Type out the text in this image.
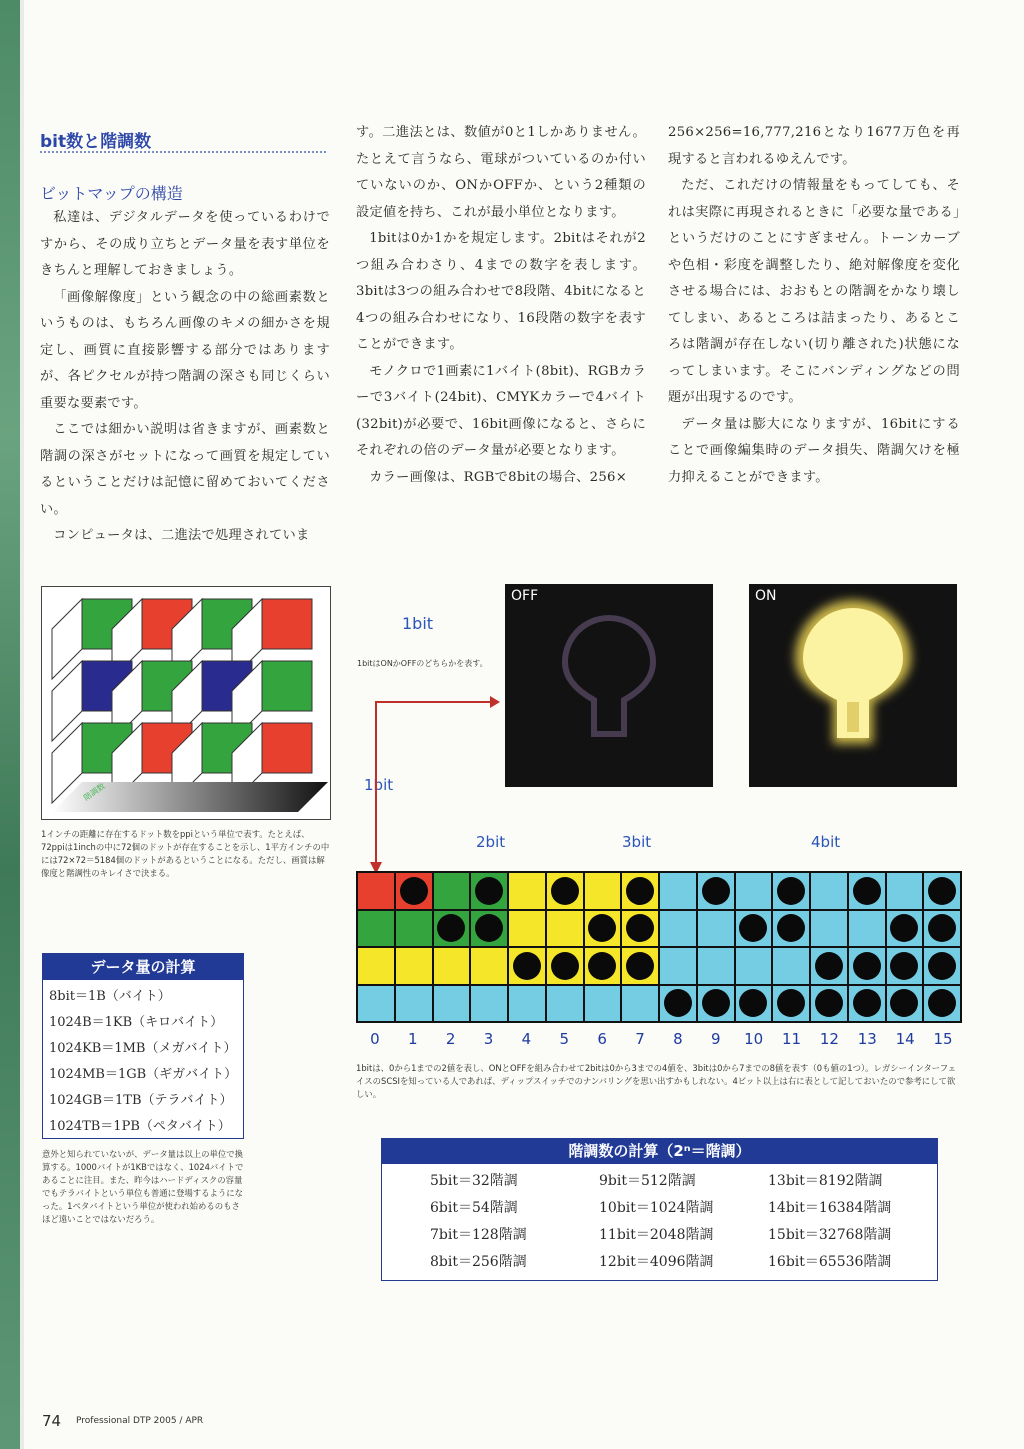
bit数と階調数
ビットマップの構造

私達は、デジタルデータを使っているわけですから、その成り立ちとデータ量を表す単位をきちんと理解しておきましょう。

「画像解像度」という観念の中の総画素数というものは、もちろん画像のキメの細かさを規定し、画質に直接影響する部分ではありますが、各ピクセルが持つ階調の深さも同じくらい重要な要素です。

ここでは細かい説明は省きますが、画素数と階調の深さがセットになって画質を規定しているということだけは記憶に留めておいてください。

コンピュータは、二進法で処理されていま

す。二進法とは、数値が0と1しかありません。たとえて言うなら、電球がついているのか付いていないのか、ONかOFFか、という2種類の設定値を持ち、これが最小単位となります。

1bitは0か1かを規定します。2bitはそれが2つ組み合わさり、4までの数字を表します。3bitは3つの組み合わせで8段階、4bitになると4つの組み合わせになり、16段階の数字を表すことができます。

モノクロで1画素に1バイト(8bit)、RGBカラーで3バイト(24bit)、CMYKカラーで4バイト(32bit)が必要で、16bit画像になると、さらにそれぞれの倍のデータ量が必要となります。

カラー画像は、RGBで8bitの場合、256×

256×256=16,777,216となり1677万色を再現すると言われるゆえんです。

ただ、これだけの情報量をもってしても、それは実際に再現されるときに「必要な量である」というだけのことにすぎません。トーンカーブや色相・彩度を調整したり、絶対解像度を変化させる場合には、おおもとの階調をかなり壊してしまい、あるところは詰まったり、あるところは階調が存在しない(切り離された)状態になってしまいます。そこにバンディングなどの問題が出現するのです。

データ量は膨大になりますが、16bitにすることで画像編集時のデータ損失、階調欠けを極力抑えることができます。

階調数
1インチの距離に存在するドット数をppiという単位で表す。たとえば、72ppiは1inchの中に72個のドットが存在することを示し、1平方インチの中には72×72＝5184個のドットがあるということになる。ただし、画質は解像度と階調性のキレイさで決まる。
データ量の計算
8bit＝1B（バイト）
1024B＝1KB（キロバイト）
1024KB＝1MB（メガバイト）
1024MB＝1GB（ギガバイト）
1024GB＝1TB（テラバイト）
1024TB＝1PB（ペタバイト）
意外と知られていないが、データ量は以上の単位で換算する。1000バイトが1KBではなく、1024バイトであることに注目。また、昨今はハードディスクの容量でもテラバイトという単位も普通に登場するようになった。1ペタバイトという単位が使われ始めるのもさほど遠いことではないだろう。
1bit
1bitはONかOFFのどちらかを表す。
1bit
OFF	ON
2bit	3bit	4bit
0	1	2	3	4	5	6	7	8	9	10	11	12	13	14	15
1bitは、0から1までの2値を表し、ONとOFFを組み合わせて2bitは0から3までの4値を、3bitは0から7までの8値を表す（0も値の1つ）。レガシーインターフェイスのSCSIを知っている人であれば、ディップスイッチでのナンバリングを思い出すかもしれない。4ビット以上は右に表として記しておいたので参考にして欲しい。
階調数の計算（2ⁿ＝階調）
5bit＝32階調	9bit＝512階調	13bit＝8192階調
6bit＝54階調	10bit＝1024階調	14bit＝16384階調
7bit＝128階調	11bit＝2048階調	15bit＝32768階調
8bit＝256階調	12bit＝4096階調	16bit＝65536階調
74 Professional DTP 2005 / APR
